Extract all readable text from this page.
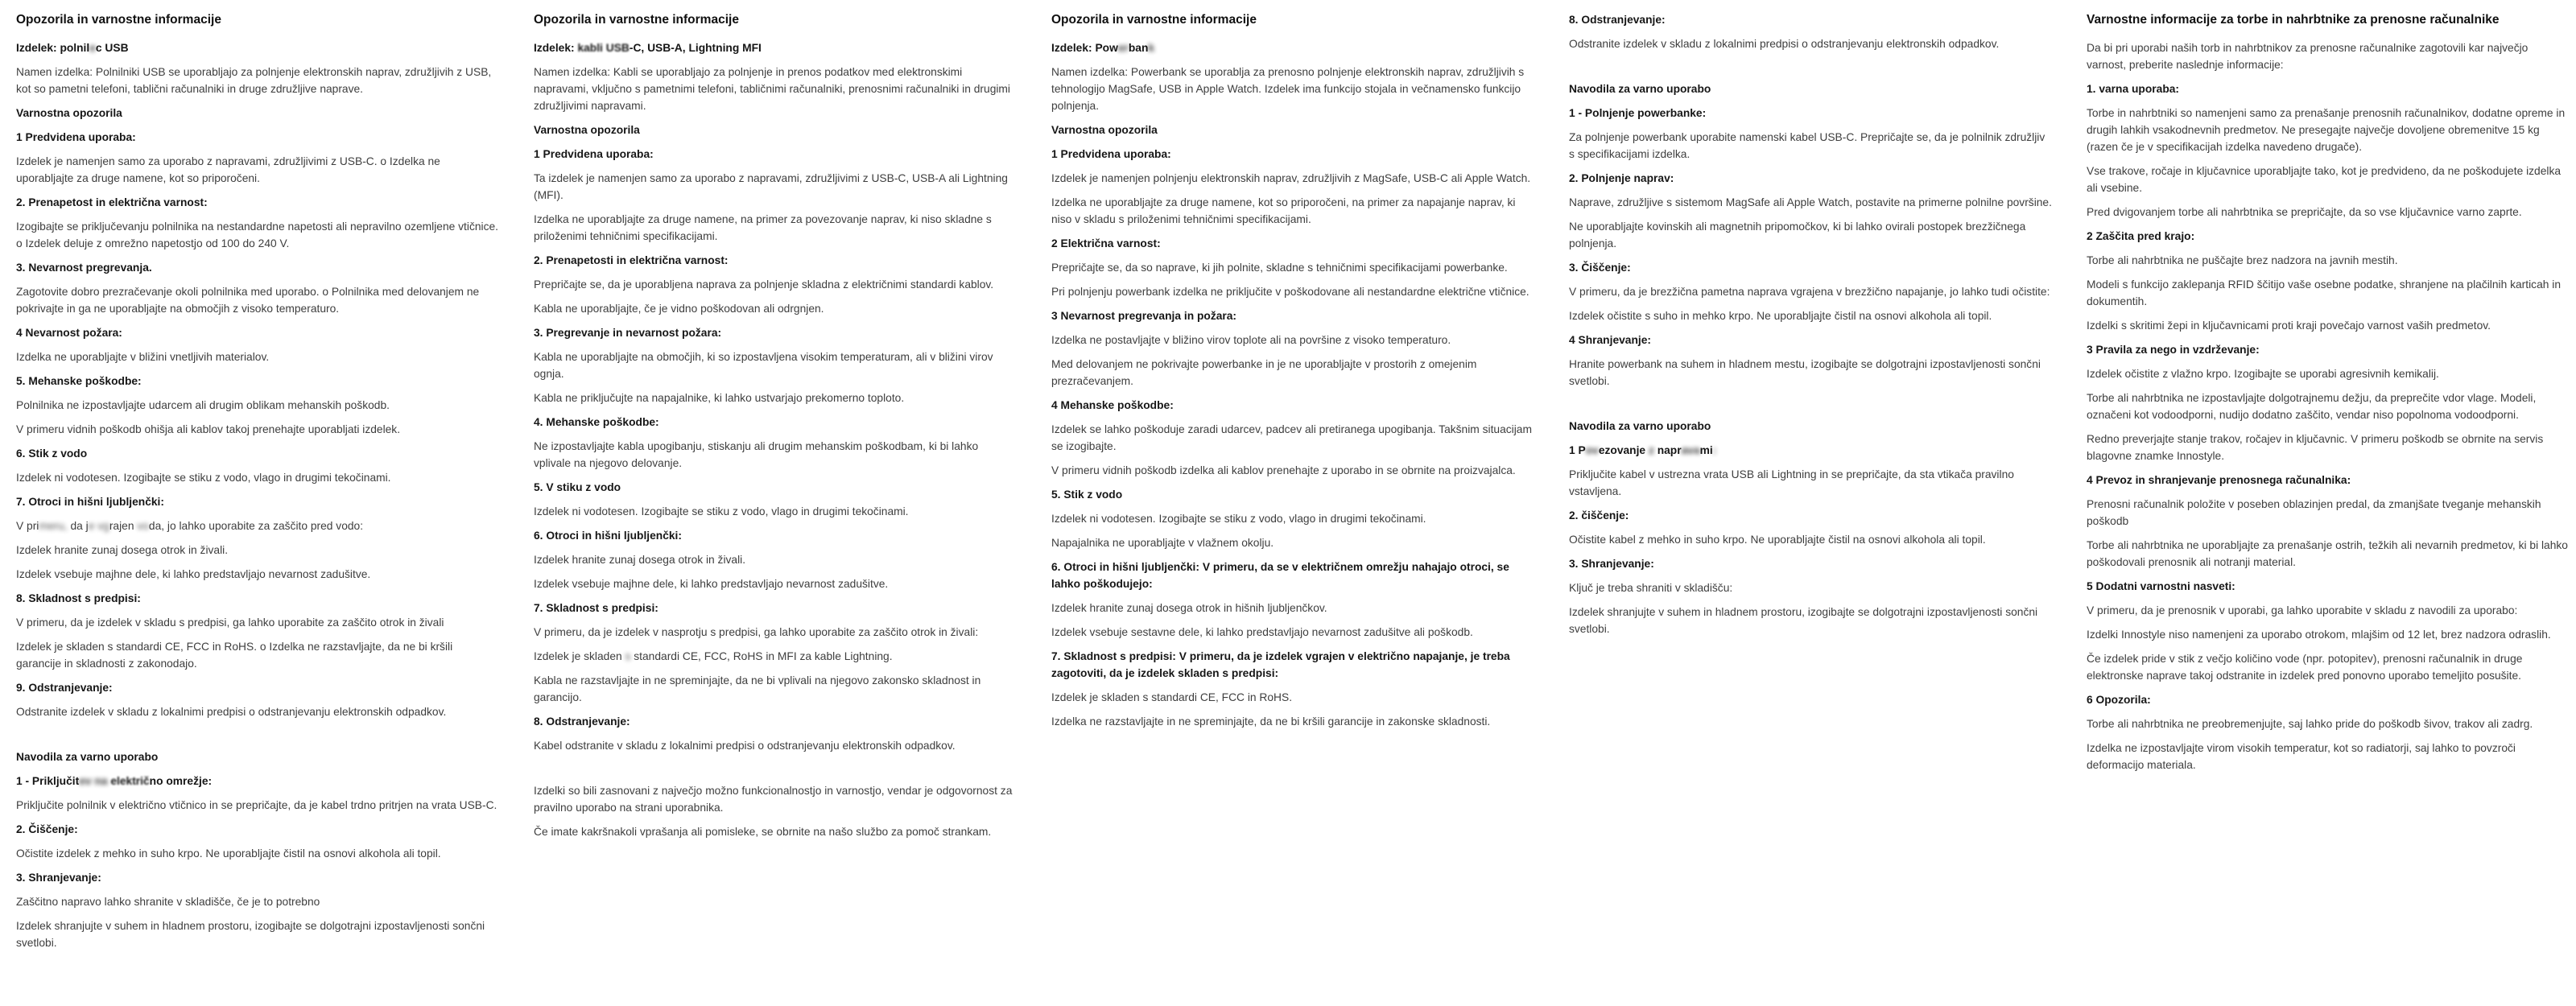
Opozorila in varnostne informacije
Izdelek: polnilec USB

Namen izdelka: Polnilniki USB se uporabljajo za polnjenje elektronskih naprav, združljivih z USB, kot so pametni telefoni, tablični računalniki in druge združljive naprave.

Varnostna opozorila
1 Predvidena uporaba:

Izdelek je namenjen samo za uporabo z napravami, združljivimi z USB-C. o Izdelka ne uporabljajte za druge namene, kot so priporočeni.

2. Prenapetost in električna varnost:

Izogibajte se priključevanju polnilnika na nestandardne napetosti ali nepravilno ozemljene vtičnice. o Izdelek deluje z omrežno napetostjo od 100 do 240 V.

3. Nevarnost pregrevanja.

Zagotovite dobro prezračevanje okoli polnilnika med uporabo. o Polnilnika med delovanjem ne pokrivajte in ga ne uporabljajte na območjih z visoko temperaturo.

4 Nevarnost požara:

Izdelka ne uporabljajte v bližini vnetljivih materialov.

5. Mehanske poškodbe:

Polnilnika ne izpostavljajte udarcem ali drugim oblikam mehanskih poškodb.

V primeru vidnih poškodb ohišja ali kablov takoj prenehajte uporabljati izdelek.

6. Stik z vodo

Izdelek ni vodotesen. Izogibajte se stiku z vodo, vlago in drugimi tekočinami.

7. Otroci in hišni ljubljenčki:

V primeru, da je vgrajen voda, jo lahko uporabite za zaščito pred vodo:

Izdelek hranite zunaj dosega otrok in živali.

Izdelek vsebuje majhne dele, ki lahko predstavljajo nevarnost zadušitve.

8. Skladnost s predpisi:

V primeru, da je izdelek v skladu s predpisi, ga lahko uporabite za zaščito otrok in živali

Izdelek je skladen s standardi CE, FCC in RoHS. o Izdelka ne razstavljajte, da ne bi kršili garancije in skladnosti z zakonodajo.

9. Odstranjevanje:

Odstranite izdelek v skladu z lokalnimi predpisi o odstranjevanju elektronskih odpadkov.

Navodila za varno uporabo
1 - Priključitev na električno omrežje:

Priključite polnilnik v električno vtičnico in se prepričajte, da je kabel trdno pritrjen na vrata USB-C.

2. Čiščenje:

Očistite izdelek z mehko in suho krpo. Ne uporabljajte čistil na osnovi alkohola ali topil.

3. Shranjevanje:

Zaščitno napravo lahko shranite v skladišče, če je to potrebno

Izdelek shranjujte v suhem in hladnem prostoru, izogibajte se dolgotrajni izpostavljenosti sončni svetlobi.

Opozorila in varnostne informacije
Izdelek: kabli USB-C, USB-A, Lightning MFI

Namen izdelka: Kabli se uporabljajo za polnjenje in prenos podatkov med elektronskimi napravami, vključno s pametnimi telefoni, tabličnimi računalniki, prenosnimi računalniki in drugimi združljivimi napravami.

Varnostna opozorila
1 Predvidena uporaba:

Ta izdelek je namenjen samo za uporabo z napravami, združljivimi z USB-C, USB-A ali Lightning (MFI).

Izdelka ne uporabljajte za druge namene, na primer za povezovanje naprav, ki niso skladne s priloženimi tehničnimi specifikacijami.

2. Prenapetosti in električna varnost:

Prepričajte se, da je uporabljena naprava za polnjenje skladna z električnimi standardi kablov.

Kabla ne uporabljajte, če je vidno poškodovan ali odrgnjen.

3. Pregrevanje in nevarnost požara:

Kabla ne uporabljajte na območjih, ki so izpostavljena visokim temperaturam, ali v bližini virov ognja.

Kabla ne priključujte na napajalnike, ki lahko ustvarjajo prekomerno toploto.

4. Mehanske poškodbe:

Ne izpostavljajte kabla upogibanju, stiskanju ali drugim mehanskim poškodbam, ki bi lahko vplivale na njegovo delovanje.

5. V stiku z vodo

Izdelek ni vodotesen. Izogibajte se stiku z vodo, vlago in drugimi tekočinami.

6. Otroci in hišni ljubljenčki:

Izdelek hranite zunaj dosega otrok in živali.

Izdelek vsebuje majhne dele, ki lahko predstavljajo nevarnost zadušitve.

7. Skladnost s predpisi:

V primeru, da je izdelek v nasprotju s predpisi, ga lahko uporabite za zaščito otrok in živali:

Izdelek je skladen s standardi CE, FCC, RoHS in MFI za kable Lightning.

Kabla ne razstavljajte in ne spreminjajte, da ne bi vplivali na njegovo zakonsko skladnost in garancijo.

8. Odstranjevanje:

Kabel odstranite v skladu z lokalnimi predpisi o odstranjevanju elektronskih odpadkov.

Izdelki so bili zasnovani z največjo možno funkcionalnostjo in varnostjo, vendar je odgovornost za pravilno uporabo na strani uporabnika.

Če imate kakršnakoli vprašanja ali pomisleke, se obrnite na našo službo za pomoč strankam.

Opozorila in varnostne informacije
Izdelek: Powerbank

Namen izdelka: Powerbank se uporablja za prenosno polnjenje elektronskih naprav, združljivih s tehnologijo MagSafe, USB in Apple Watch. Izdelek ima funkcijo stojala in večnamensko funkcijo polnjenja.

Varnostna opozorila
1 Predvidena uporaba:

Izdelek je namenjen polnjenju elektronskih naprav, združljivih z MagSafe, USB-C ali Apple Watch.

Izdelka ne uporabljajte za druge namene, kot so priporočeni, na primer za napajanje naprav, ki niso v skladu s priloženimi tehničnimi specifikacijami.

2 Električna varnost:

Prepričajte se, da so naprave, ki jih polnite, skladne s tehničnimi specifikacijami powerbanke.

Pri polnjenju powerbank izdelka ne priključite v poškodovane ali nestandardne električne vtičnice.

3 Nevarnost pregrevanja in požara:

Izdelka ne postavljajte v bližino virov toplote ali na površine z visoko temperaturo.

Med delovanjem ne pokrivajte powerbanke in je ne uporabljajte v prostorih z omejenim prezračevanjem.

4 Mehanske poškodbe:

Izdelek se lahko poškoduje zaradi udarcev, padcev ali pretiranega upogibanja. Takšnim situacijam se izogibajte.

V primeru vidnih poškodb izdelka ali kablov prenehajte z uporabo in se obrnite na proizvajalca.

5. Stik z vodo

Izdelek ni vodotesen. Izogibajte se stiku z vodo, vlago in drugimi tekočinami.

Napajalnika ne uporabljajte v vlažnem okolju.

6. Otroci in hišni ljubljenčki: V primeru, da se v električnem omrežju nahajajo otroci, se lahko poškodujejo:

Izdelek hranite zunaj dosega otrok in hišnih ljubljenčkov.

Izdelek vsebuje sestavne dele, ki lahko predstavljajo nevarnost zadušitve ali poškodb.

7. Skladnost s predpisi: V primeru, da je izdelek vgrajen v električno napajanje, je treba zagotoviti, da je izdelek skladen s predpisi:

Izdelek je skladen s standardi CE, FCC in RoHS.

Izdelka ne razstavljajte in ne spreminjajte, da ne bi kršili garancije in zakonske skladnosti.

8. Odstranjevanje:

Odstranite izdelek v skladu z lokalnimi predpisi o odstranjevanju elektronskih odpadkov.

Navodila za varno uporabo
1 - Polnjenje powerbanke:

Za polnjenje powerbank uporabite namenski kabel USB-C. Prepričajte se, da je polnilnik združljiv s specifikacijami izdelka.

2. Polnjenje naprav:

Naprave, združljive s sistemom MagSafe ali Apple Watch, postavite na primerne polnilne površine.

Ne uporabljajte kovinskih ali magnetnih pripomočkov, ki bi lahko ovirali postopek brezžičnega polnjenja.

3. Čiščenje:

V primeru, da je brezžična pametna naprava vgrajena v brezžično napajanje, jo lahko tudi očistite:

Izdelek očistite s suho in mehko krpo. Ne uporabljajte čistil na osnovi alkohola ali topil.

4 Shranjevanje:

Hranite powerbank na suhem in hladnem mestu, izogibajte se dolgotrajni izpostavljenosti sončni svetlobi.

Navodila za varno uporabo
1 Povezovanje z napravami:

Priključite kabel v ustrezna vrata USB ali Lightning in se prepričajte, da sta vtikača pravilno vstavljena.

2. čiščenje:

Očistite kabel z mehko in suho krpo. Ne uporabljajte čistil na osnovi alkohola ali topil.

3. Shranjevanje:

Ključ je treba shraniti v skladišču:

Izdelek shranjujte v suhem in hladnem prostoru, izogibajte se dolgotrajni izpostavljenosti sončni svetlobi.

Varnostne informacije za torbe in nahrbtnike za prenosne računalnike

Da bi pri uporabi naših torb in nahrbtnikov za prenosne računalnike zagotovili kar največjo varnost, preberite naslednje informacije:

1. varna uporaba:

Torbe in nahrbtniki so namenjeni samo za prenašanje prenosnih računalnikov, dodatne opreme in drugih lahkih vsakodnevnih predmetov. Ne presegajte največje dovoljene obremenitve 15 kg (razen če je v specifikacijah izdelka navedeno drugače).

Vse trakove, ročaje in ključavnice uporabljajte tako, kot je predvideno, da ne poškodujete izdelka ali vsebine.

Pred dvigovanjem torbe ali nahrbtnika se prepričajte, da so vse ključavnice varno zaprte.

2 Zaščita pred krajo:

Torbe ali nahrbtnika ne puščajte brez nadzora na javnih mestih.

Modeli s funkcijo zaklepanja RFID ščitijo vaše osebne podatke, shranjene na plačilnih karticah in dokumentih.

Izdelki s skritimi žepi in ključavnicami proti kraji povečajo varnost vaših predmetov.

3 Pravila za nego in vzdrževanje:

Izdelek očistite z vlažno krpo. Izogibajte se uporabi agresivnih kemikalij.

Torbe ali nahrbtnika ne izpostavljajte dolgotrajnemu dežju, da preprečite vdor vlage. Modeli, označeni kot vodoodporni, nudijo dodatno zaščito, vendar niso popolnoma vodoodporni.

Redno preverjajte stanje trakov, ročajev in ključavnic. V primeru poškodb se obrnite na servis blagovne znamke Innostyle.

4 Prevoz in shranjevanje prenosnega računalnika:

Prenosni računalnik položite v poseben oblazinjen predal, da zmanjšate tveganje mehanskih poškodb

Torbe ali nahrbtnika ne uporabljajte za prenašanje ostrih, težkih ali nevarnih predmetov, ki bi lahko poškodovali prenosnik ali notranji material.

5 Dodatni varnostni nasveti:

V primeru, da je prenosnik v uporabi, ga lahko uporabite v skladu z navodili za uporabo:

Izdelki Innostyle niso namenjeni za uporabo otrokom, mlajšim od 12 let, brez nadzora odraslih.

Če izdelek pride v stik z večjo količino vode (npr. potopitev), prenosni računalnik in druge elektronske naprave takoj odstranite in izdelek pred ponovno uporabo temeljito posušite.

6 Opozorila:

Torbe ali nahrbtnika ne preobremenjujte, saj lahko pride do poškodb šivov, trakov ali zadrg.

Izdelka ne izpostavljajte virom visokih temperatur, kot so radiatorji, saj lahko to povzroči deformacijo materiala.
